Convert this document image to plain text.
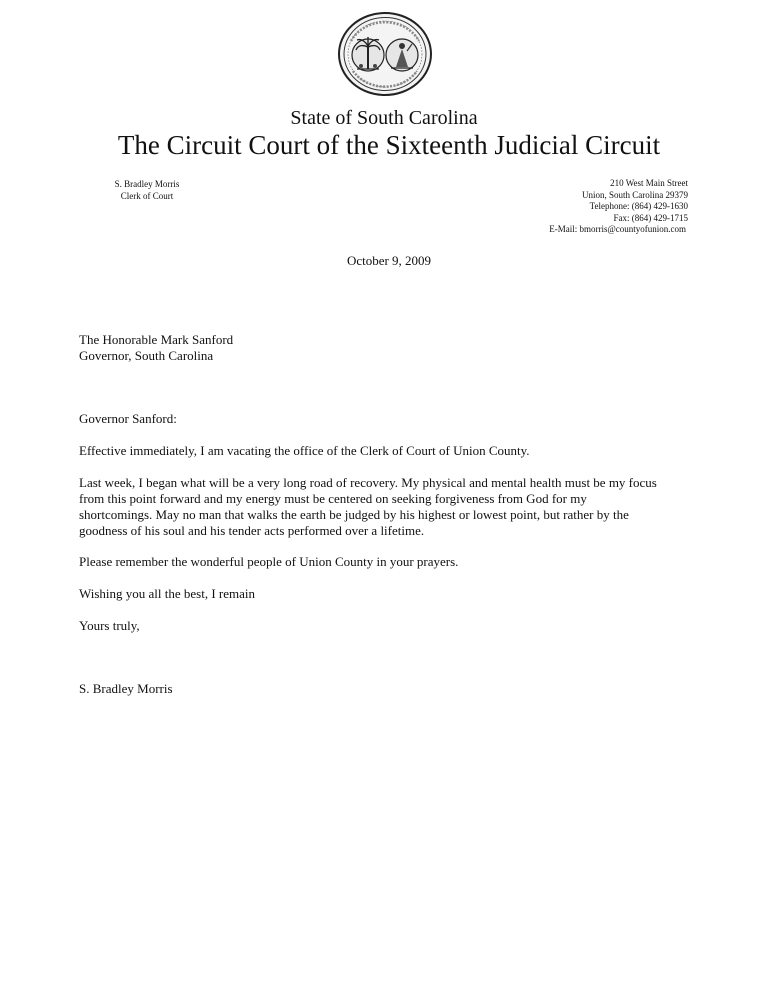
State of South Carolina
The Circuit Court of the Sixteenth Judicial Circuit
S. Bradley Morris
Clerk of Court
210 West Main Street
Union, South Carolina 29379
Telephone: (864) 429-1630
Fax: (864) 429-1715
E-Mail: bmorris@countyofunion.com
October 9, 2009
The Honorable Mark Sanford
Governor, South Carolina
Governor Sanford:
Effective immediately, I am vacating the office of the Clerk of Court of Union County.
Last week, I began what will be a very long road of recovery. My physical and mental health must be my focus
from this point forward and my energy must be centered on seeking forgiveness from God for my
shortcomings. May no man that walks the earth be judged by his highest or lowest point, but rather by the
goodness of his soul and his tender acts performed over a lifetime.
Please remember the wonderful people of Union County in your prayers.
Wishing you all the best, I remain
Yours truly,
S. Bradley Morris
